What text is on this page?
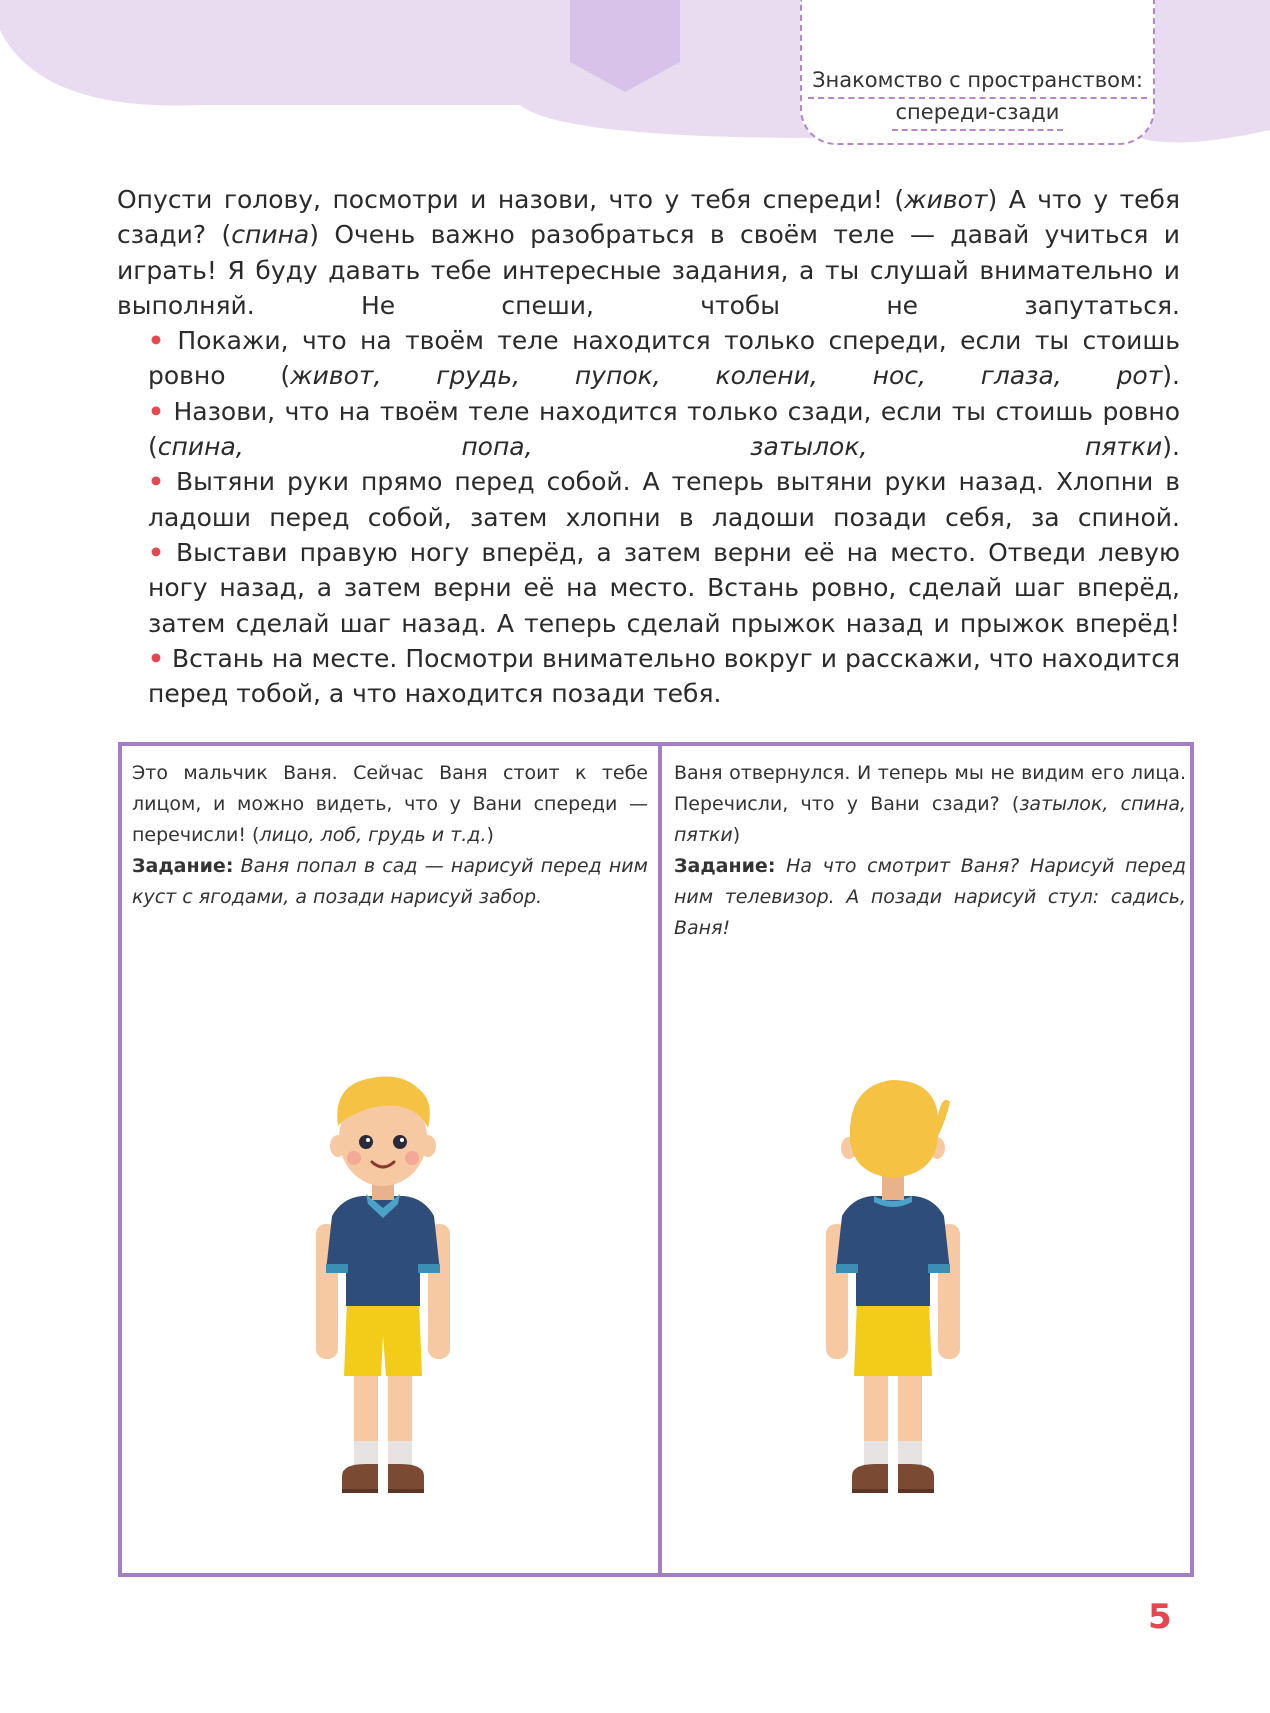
Знакомство с пространством:
спереди-сзади

Опусти голову, посмотри и назови, что у тебя спереди! (живот) А что у тебя сзади? (спина) Очень важно разобраться в своём теле — давай учиться и играть! Я буду давать тебе интересные задания, а ты слушай внимательно и выполняй. Не спеши, чтобы не запутаться.

• Покажи, что на твоём теле находится только спереди, если ты стоишь ровно (живот, грудь, пупок, колени, нос, глаза, рот).

• Назови, что на твоём теле находится только сзади, если ты стоишь ровно (спина, попа, затылок, пятки).

• Вытяни руки прямо перед собой. А теперь вытяни руки назад. Хлопни в ладоши перед собой, затем хлопни в ладоши позади себя, за спиной.

• Выстави правую ногу вперёд, а затем верни её на место. Отведи левую ногу назад, а затем верни её на место. Встань ровно, сделай шаг вперёд, затем сделай шаг назад. А теперь сделай прыжок назад и прыжок вперёд!

• Встань на месте. Посмотри внимательно вокруг и расскажи, что находится перед тобой, а что находится позади тебя.

Это мальчик Ваня. Сейчас Ваня стоит к тебе лицом, и можно видеть, что у Вани спереди — перечисли! (лицо, лоб, грудь и т.д.)

Задание: Ваня попал в сад — нарисуй перед ним куст с ягодами, а позади нарисуй забор.

Ваня отвернулся. И теперь мы не видим его лица. Перечисли, что у Вани сзади? (затылок, спина, пятки)

Задание: На что смотрит Ваня? Нарисуй перед ним телевизор. А позади нарисуй стул: садись, Ваня!

5
